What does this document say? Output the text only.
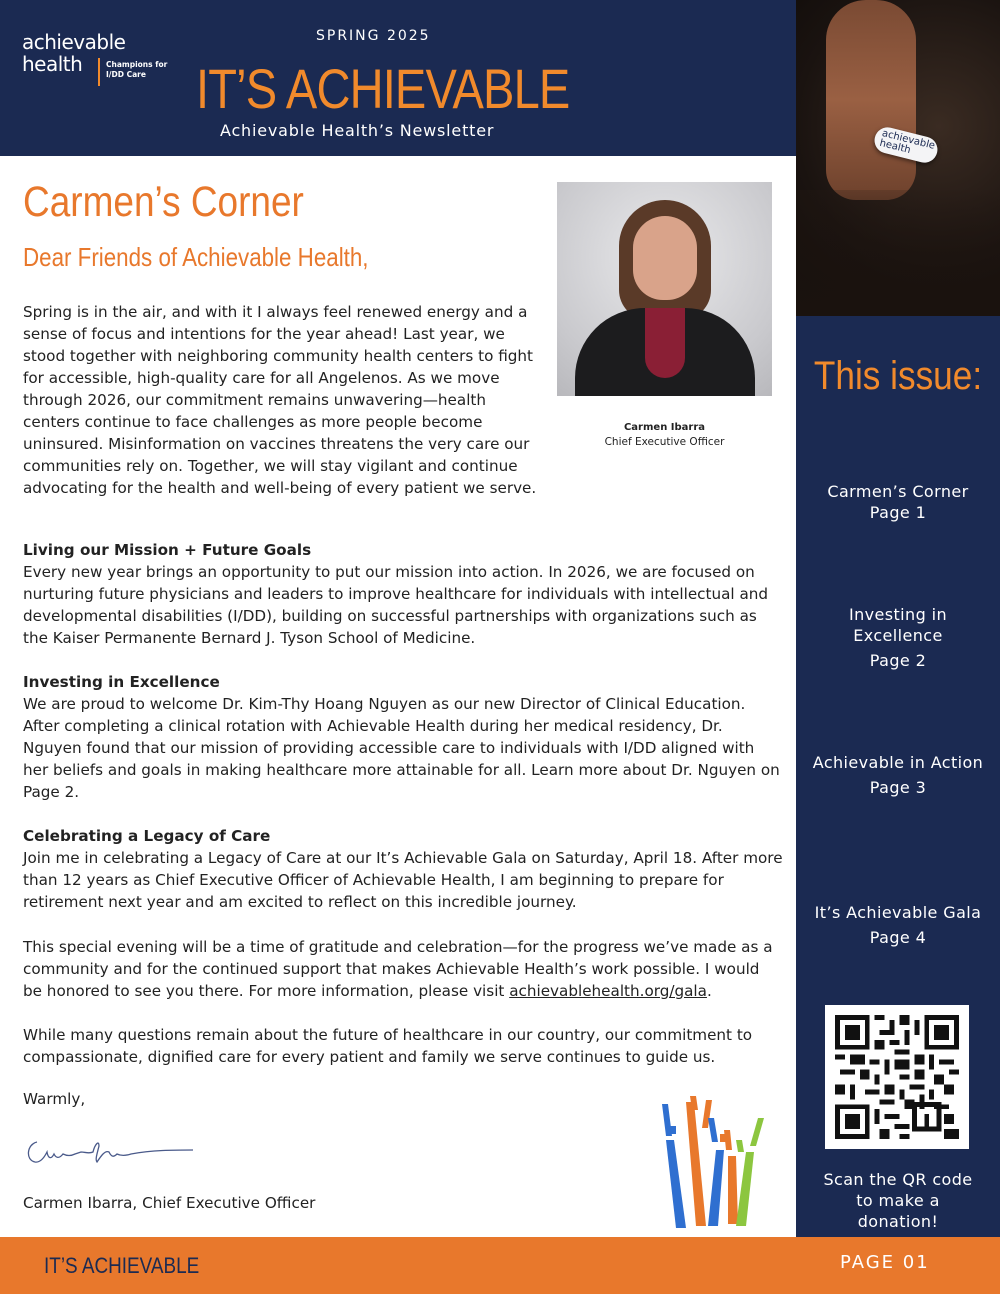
achievable
health	Champions for I/DD Care
SPRING 2025
IT’S ACHIEVABLE
Achievable Health’s Newsletter	achievable health
This issue:
Carmen’s Corner
Page 1
Investing in Excellence
Page 2
Achievable in Action
Page 3
It’s Achievable Gala
Page 4
Scan the QR code to make a donation!
Carmen’s Corner
Dear Friends of Achievable Health,
Spring is in the air, and with it I always feel renewed energy and a sense of focus and intentions for the year ahead! Last year, we stood together with neighboring community health centers to fight for accessible, high-quality care for all Angelenos. As we move through 2026, our commitment remains unwavering—health centers continue to face challenges as more people become uninsured. Misinformation on vaccines threatens the very care our communities rely on. Together, we will stay vigilant and continue advocating for the health and well-being of every patient we serve.
Carmen Ibarra
Chief Executive Officer
Living our Mission + Future Goals
Every new year brings an opportunity to put our mission into action. In 2026, we are focused on nurturing future physicians and leaders to improve healthcare for individuals with intellectual and developmental disabilities (I/DD), building on successful partnerships with organizations such as the Kaiser Permanente Bernard J. Tyson School of Medicine.
Investing in Excellence
We are proud to welcome Dr. Kim-Thy Hoang Nguyen as our new Director of Clinical Education. After completing a clinical rotation with Achievable Health during her medical residency, Dr. Nguyen found that our mission of providing accessible care to individuals with I/DD aligned with her beliefs and goals in making healthcare more attainable for all. Learn more about Dr. Nguyen on Page 2.
Celebrating a Legacy of Care
Join me in celebrating a Legacy of Care at our It’s Achievable Gala on Saturday, April 18. After more than 12 years as Chief Executive Officer of Achievable Health, I am beginning to prepare for retirement next year and am excited to reflect on this incredible journey.
This special evening will be a time of gratitude and celebration—for the progress we’ve made as a community and for the continued support that makes Achievable Health’s work possible. I would be honored to see you there. For more information, please visit achievablehealth.org/gala.
While many questions remain about the future of healthcare in our country, our commitment to compassionate, dignified care for every patient and family we serve continues to guide us.
Warmly,
Carmen Ibarra, Chief Executive Officer
IT’S ACHIEVABLE	PAGE 01
